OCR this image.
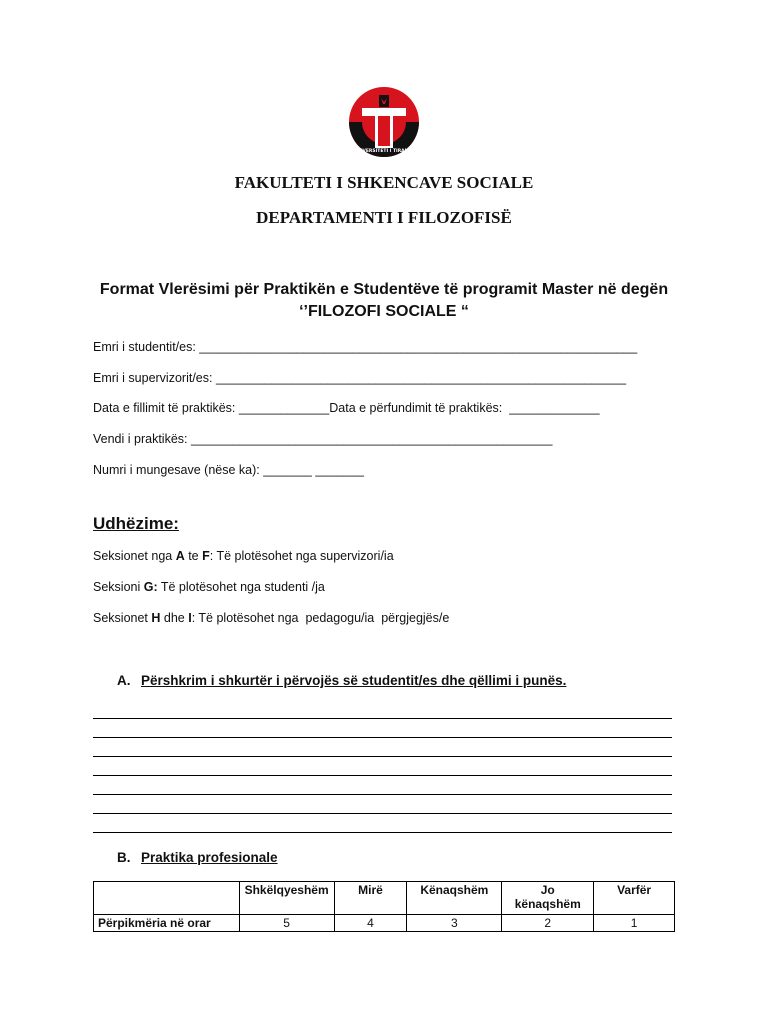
UNIVERSITETI I TIRANËS
FAKULTETI I SHKENCAVE SOCIALE
DEPARTAMENTI I FILOZOFISË
Format Vlerësimi për Praktikën e Studentëve të programit Master në degën
‘’FILOZOFI SOCIALE “
Emri i studentit/es: _______________________________________________________________
Emri i supervizorit/es: ___________________________________________________________
Data e fillimit të praktikës: _____________Data e përfundimit të praktikës:  _____________
Vendi i praktikës: ____________________________________________________
Numri i mungesave (nëse ka): _______ _______
Udhëzime:
Seksionet nga A te F: Të plotësohet nga supervizori/ia
Seksioni G: Të plotësohet nga studenti /ja
Seksionet H dhe I: Të plotësohet nga  pedagogu/ia  përgjegjës/e
A. Përshkrim i shkurtër i përvojës së studentit/es dhe qëllimi i punës.
B. Praktika profesionale
	Shkëlqyeshëm	Mirë	Kënaqshëm	Jo kënaqshëm	Varfër
Përpikmëria në orar	5	4	3	2	1
